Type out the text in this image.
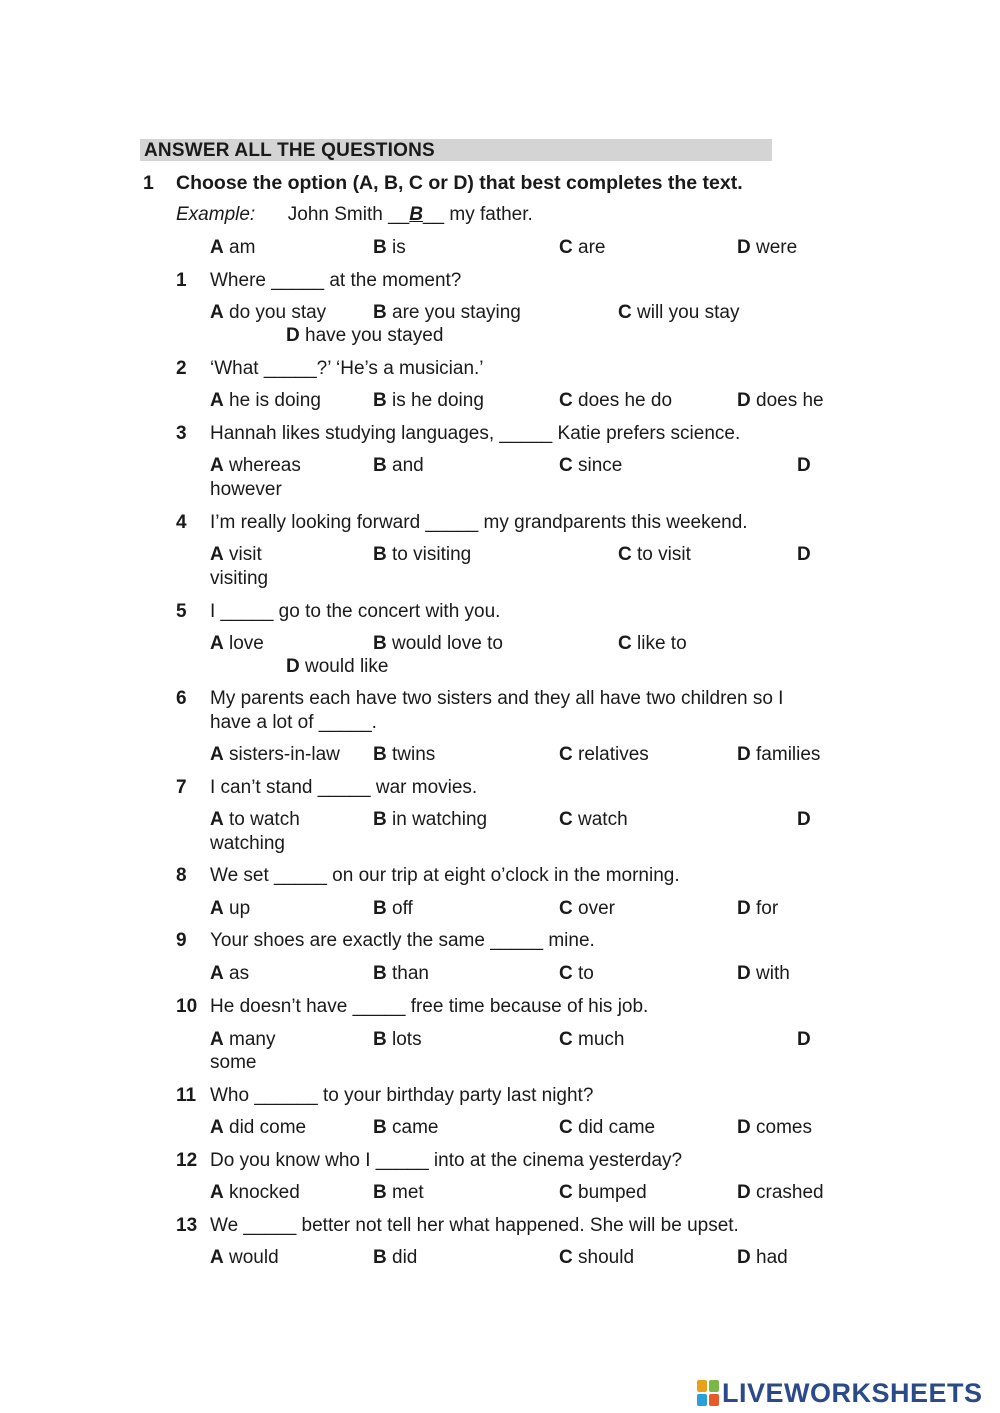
ANSWER ALL THE QUESTIONS
1 Choose the option (A, B, C or D) that best completes the text.
Example: John Smith __B__ my father.
A am	B is	C are	D were
1 Where _____ at the moment?
A do you stay B are you staying	C will you stay
D have you stayed
2 ‘What _____?’ ‘He’s a musician.’
A he is doing	B is he doing	C does he do	D does he
3 Hannah likes studying languages, _____ Katie prefers science.
A whereas	B and	C since	D
however
4 I’m really looking forward _____ my grandparents this weekend.
A visit	B to visiting	C to visit	D
visiting
5 I _____ go to the concert with you.
A love	B would love to	C like to
D would like
6 My parents each have two sisters and they all have two children so I
have a lot of _____.
A sisters-in-law B twins	C relatives	D families
7 I can’t stand _____ war movies.
A to watch	B in watching	C watch	D
watching
8 We set _____ on our trip at eight o’clock in the morning.
A up	B off	C over	D for
9 Your shoes are exactly the same _____ mine.
A as	B than	C to	D with
10 He doesn’t have _____ free time because of his job.
A many	B lots	C much	D
some
11 Who ______ to your birthday party last night?
A did come	B came	C did came	D comes
12 Do you know who I _____ into at the cinema yesterday?
A knocked	B met	C bumped	D crashed
13 We _____ better not tell her what happened. She will be upset.
A would	B did	C should	D had
LIVEWORKSHEETS
